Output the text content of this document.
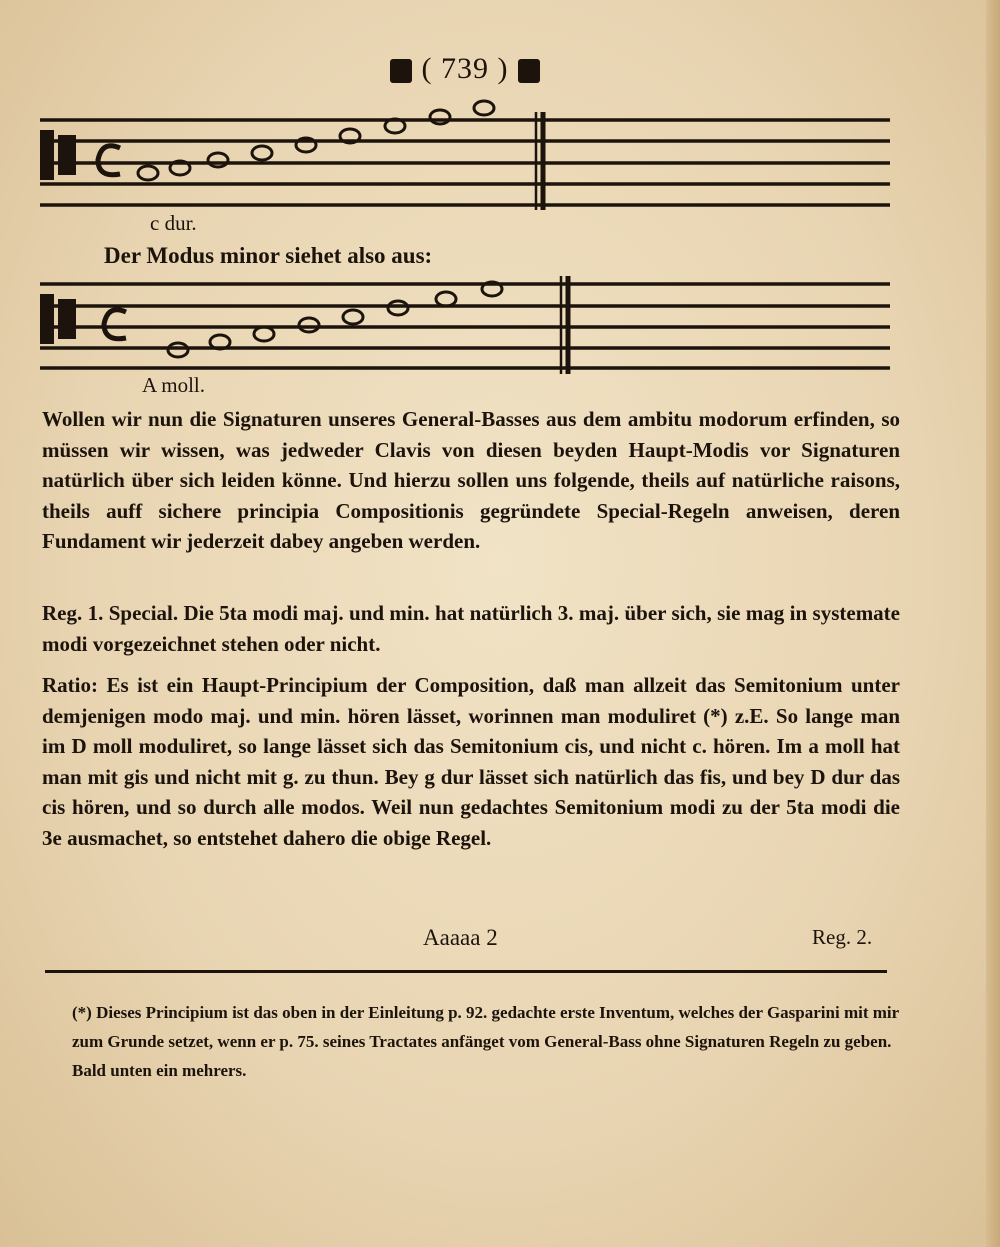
( 739 )
c dur.
Der Modus minor siehet also aus:
A moll.
Wollen wir nun die Signaturen unseres General-Basses aus dem ambitu modorum erfinden, so müssen wir wissen, was jedweder Clavis von diesen beyden Haupt-Modis vor Signaturen natürlich über sich leiden könne. Und hierzu sollen uns folgende, theils auf natürliche raisons, theils auff sichere principia Compositionis gegründete Special-Regeln anweisen, deren Fundament wir jederzeit dabey angeben werden.
Reg. 1. Special. Die 5ta modi maj. und min. hat natürlich 3. maj. über sich, sie mag in systemate modi vorgezeichnet stehen oder nicht.
Ratio: Es ist ein Haupt-Principium der Composition, daß man allzeit das Semitonium unter demjenigen modo maj. und min. hören lässet, worinnen man moduliret (*) z.E. So lange man im D moll moduliret, so lange lässet sich das Semitonium cis, und nicht c. hören. Im a moll hat man mit gis und nicht mit g. zu thun. Bey g dur lässet sich natürlich das fis, und bey D dur das cis hören, und so durch alle modos. Weil nun gedachtes Semitonium modi zu der 5ta modi die 3e ausmachet, so entstehet dahero die obige Regel.
Aaaaa 2	Reg. 2.
(*) Dieses Principium ist das oben in der Einleitung p. 92. gedachte erste Inventum, welches der Gasparini mit mir zum Grunde setzet, wenn er p. 75. seines Tractates anfänget vom General-Bass ohne Signaturen Regeln zu geben. Bald unten ein mehrers.
